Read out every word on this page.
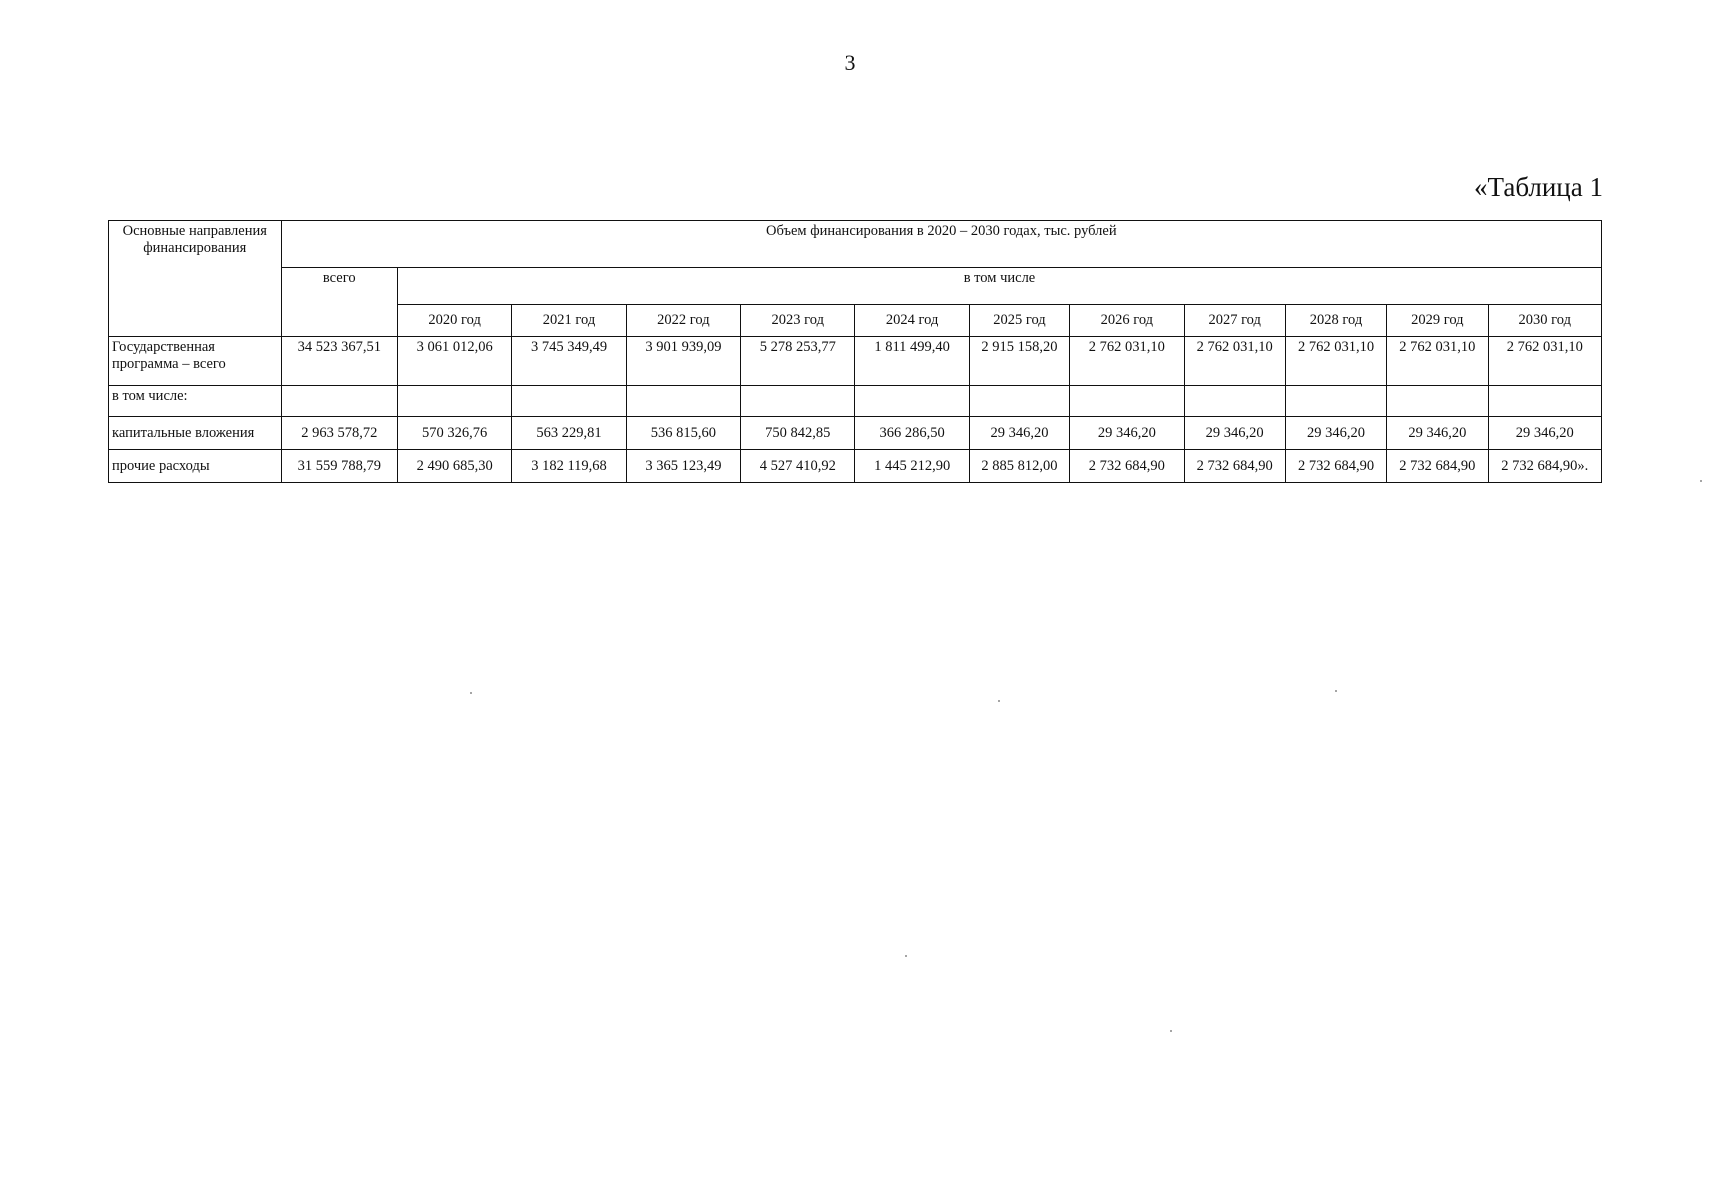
3
«Таблица 1
Основные направления финансирования	Объем финансирования в 2020 – 2030 годах, тыс. рублей											
	всего	в том числе										
		2020 год	2021 год	2022 год	2023 год	2024 год	2025 год	2026 год	2027 год	2028 год	2029 год	2030 год
Государственная программа – всего	34 523 367,51	3 061 012,06	3 745 349,49	3 901 939,09	5 278 253,77	1 811 499,40	2 915 158,20	2 762 031,10	2 762 031,10	2 762 031,10	2 762 031,10	2 762 031,10
в том числе:												
капитальные вложения	2 963 578,72	570 326,76	563 229,81	536 815,60	750 842,85	366 286,50	29 346,20	29 346,20	29 346,20	29 346,20	29 346,20	29 346,20
прочие расходы	31 559 788,79	2 490 685,30	3 182 119,68	3 365 123,49	4 527 410,92	1 445 212,90	2 885 812,00	2 732 684,90	2 732 684,90	2 732 684,90	2 732 684,90	2 732 684,90».
